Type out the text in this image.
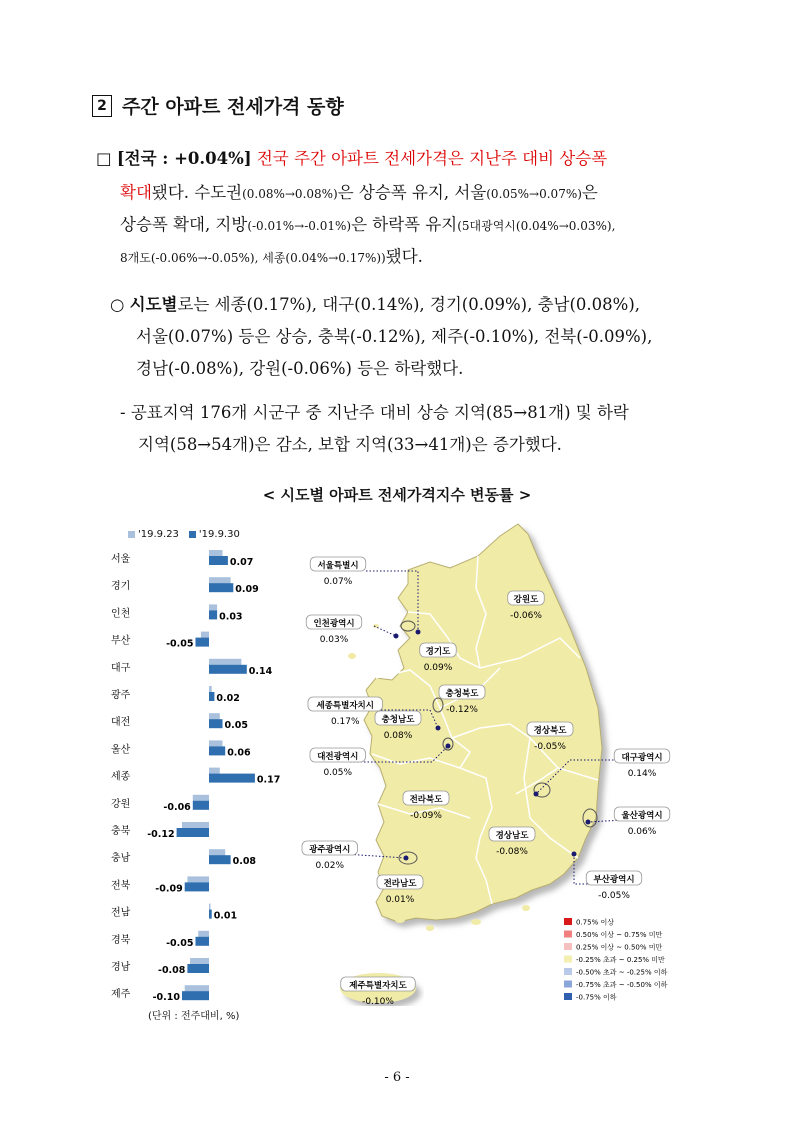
2 주간 아파트 전세가격 동향
□ [전국 : +0.04%] 전국 주간 아파트 전세가격은 지난주 대비 상승폭
확대됐다. 수도권(0.08%→0.08%)은 상승폭 유지, 서울(0.05%→0.07%)은
상승폭 확대, 지방(-0.01%→-0.01%)은 하락폭 유지(5대광역시(0.04%→0.03%),
8개도(-0.06%→-0.05%), 세종(0.04%→0.17%))됐다.
○ 시도별로는 세종(0.17%), 대구(0.14%), 경기(0.09%), 충남(0.08%),
서울(0.07%) 등은 상승, 충북(-0.12%), 제주(-0.10%), 전북(-0.09%),
경남(-0.08%), 강원(-0.06%) 등은 하락했다.
- 공표지역 176개 시군구 중 지난주 대비 상승 지역(85→81개) 및 하락
지역(58→54개)은 감소, 보합 지역(33→41개)은 증가했다.
< 시도별 아파트 전세가격지수 변동률 >
'19.9.23	'19.9.30
서울	0.07
경기	0.09
인천	0.03
부산	-0.05
대구	0.14
광주	0.02
대전	0.05
울산	0.06
세종	0.17
강원	-0.06
충북 -0.12
충남	0.08
전북	-0.09
전남	0.01
경북	-0.05
경남	-0.08
제주 -0.10
(단위 : 전주대비, %)
서울특별시
0.07%
인천광역시
0.03%
경기도
0.09%
강원도
-0.06%
충청북도
-0.12%
세종특별자치시
0.17%	충청남도
0.08%
대전광역시
0.05%
경상북도
-0.05%
대구광역시
0.14%
전라북도
-0.09%	울산광역시
0.06%
광주광역시
0.02%
경상남도
-0.08%
부산광역시
-0.05%
전라남도
0.01%
제주특별자치도
-0.10%
0.75% 이상
0.50% 이상 ~ 0.75% 미만
0.25% 이상 ~ 0.50% 미만
-0.25% 초과 ~ 0.25% 미만
-0.50% 초과 ~ -0.25% 이하
-0.75% 초과 ~ -0.50% 이하
-0.75% 이하
- 6 -
